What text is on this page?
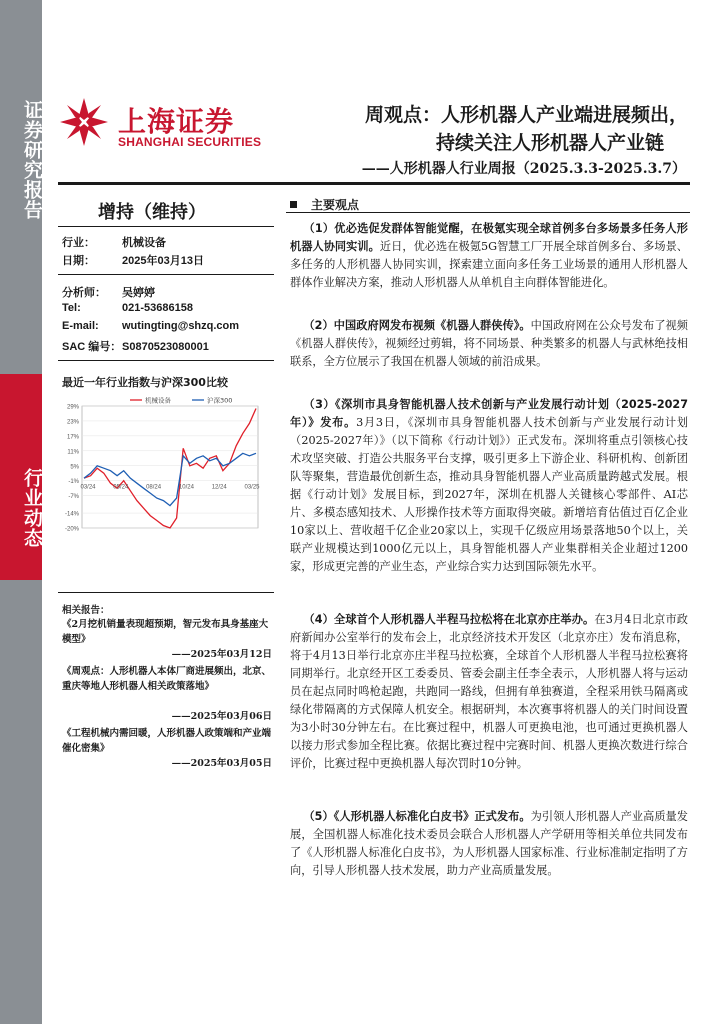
证券研究报告
行业动态
上海证券
SHANGHAI SECURITIES
周观点：人形机器人产业端进展频出，
持续关注人形机器人产业链
——人形机器人行业周报（2025.3.3-2025.3.7）
增持（维持）
行业： 机械设备
日期： 2025年03月13日
分析师： 吴婷婷
Tel:	021-53686158
E-mail: wutingting@shzq.com
SAC 编号：S0870523080001
最近一年行业指数与沪深300比较
29%
23%
17%
11%
5%
-1%
-7%
-14%
-20%
03/24	05/24	08/24	10/24	12/24	03/25
机械设备	沪深300
相关报告：
《2月挖机销量表现超预期，智元发布具身基座大模型》
——2025年03月12日
《周观点：人形机器人本体厂商进展频出，北京、重庆等地人形机器人相关政策落地》
——2025年03月06日
《工程机械内需回暖，人形机器人政策端和产业端催化密集》
——2025年03月05日
主要观点

（1）优必选促发群体智能觉醒，在极氪实现全球首例多台多场景多任务人形机器人协同实训。近日，优必选在极氪5G智慧工厂开展全球首例多台、多场景、多任务的人形机器人协同实训，探索建立面向多任务工业场景的通用人形机器人群体作业解决方案，推动人形机器人从单机自主向群体智能进化。

（2）中国政府网发布视频《机器人群侠传》。中国政府网在公众号发布了视频《机器人群侠传》，视频经过剪辑，将不同场景、种类繁多的机器人与武林绝技相联系，全方位展示了我国在机器人领域的前沿成果。

（3）《深圳市具身智能机器人技术创新与产业发展行动计划（2025-2027年）》发布。3月3日，《深圳市具身智能机器人技术创新与产业发展行动计划（2025-2027年）》（以下简称《行动计划》）正式发布。深圳将重点引领核心技术攻坚突破、打造公共服务平台支撑，吸引更多上下游企业、科研机构、创新团队等聚集，营造最优创新生态，推动具身智能机器人产业高质量跨越式发展。根据《行动计划》发展目标，到2027年，深圳在机器人关键核心零部件、AI芯片、多模态感知技术、人形操作技术等方面取得突破。新增培育估值过百亿企业10家以上、营收超千亿企业20家以上，实现千亿级应用场景落地50个以上，关联产业规模达到1000亿元以上，具身智能机器人产业集群相关企业超过1200家，形成更完善的产业生态，产业综合实力达到国际领先水平。

（4）全球首个人形机器人半程马拉松将在北京亦庄举办。在3月4日北京市政府新闻办公室举行的发布会上，北京经济技术开发区（北京亦庄）发布消息称，将于4月13日举行北京亦庄半程马拉松赛，全球首个人形机器人半程马拉松赛将同期举行。北京经开区工委委员、管委会副主任李全表示，人形机器人将与运动员在起点同时鸣枪起跑，共跑同一路线，但拥有单独赛道，全程采用铁马隔离或绿化带隔离的方式保障人机安全。根据研判，本次赛事将机器人的关门时间设置为3小时30分钟左右。在比赛过程中，机器人可更换电池，也可通过更换机器人以接力形式参加全程比赛。依据比赛过程中完赛时间、机器人更换次数进行综合评价，比赛过程中更换机器人每次罚时10分钟。

（5）《人形机器人标准化白皮书》正式发布。为引领人形机器人产业高质量发展，全国机器人标准化技术委员会联合人形机器人产学研用等相关单位共同发布了《人形机器人标准化白皮书》，为人形机器人国家标准、行业标准制定指明了方向，引导人形机器人技术发展，助力产业高质量发展。
